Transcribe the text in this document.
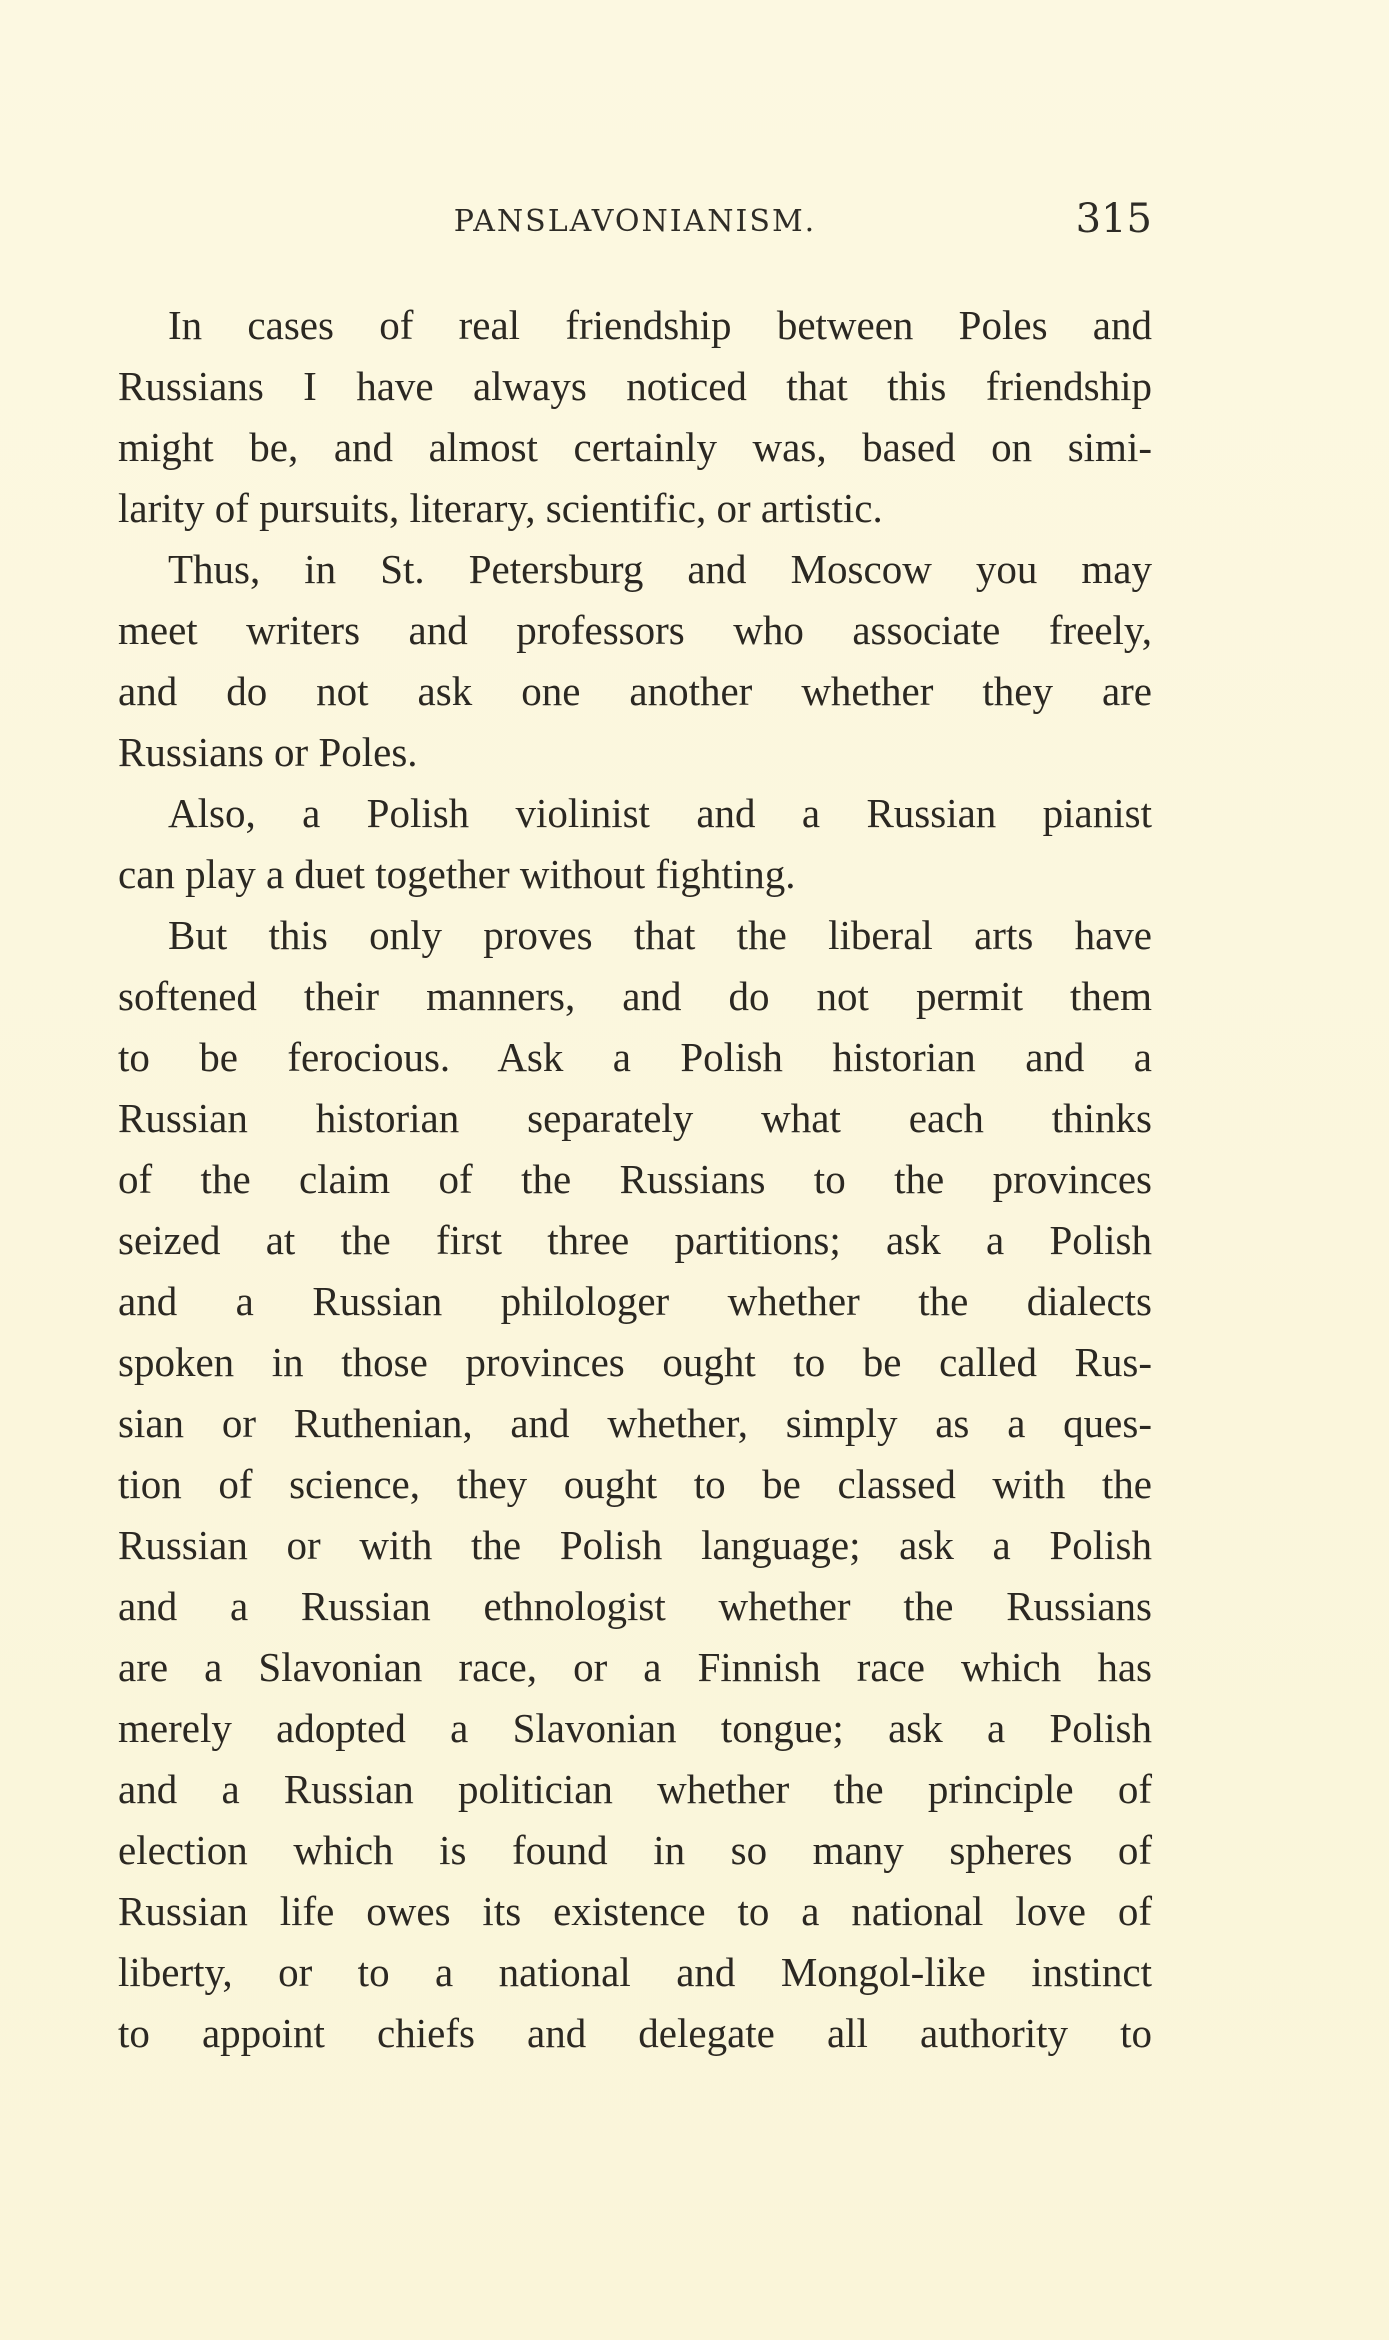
PANSLAVONIANISM.	315
In cases of real friendship between Poles and
Russians I have always noticed that this friendship
might be, and almost certainly was, based on simi-
larity of pursuits, literary, scientific, or artistic.
Thus, in St. Petersburg and Moscow you may
meet writers and professors who associate freely,
and do not ask one another whether they are
Russians or Poles.
Also, a Polish violinist and a Russian pianist
can play a duet together without fighting.
But this only proves that the liberal arts have
softened their manners, and do not permit them
to be ferocious. Ask a Polish historian and a
Russian historian separately what each thinks
of the claim of the Russians to the provinces
seized at the first three partitions; ask a Polish
and a Russian philologer whether the dialects
spoken in those provinces ought to be called Rus-
sian or Ruthenian, and whether, simply as a ques-
tion of science, they ought to be classed with the
Russian or with the Polish language; ask a Polish
and a Russian ethnologist whether the Russians
are a Slavonian race, or a Finnish race which has
merely adopted a Slavonian tongue; ask a Polish
and a Russian politician whether the principle of
election which is found in so many spheres of
Russian life owes its existence to a national love of
liberty, or to a national and Mongol-like instinct
to appoint chiefs and delegate all authority to
